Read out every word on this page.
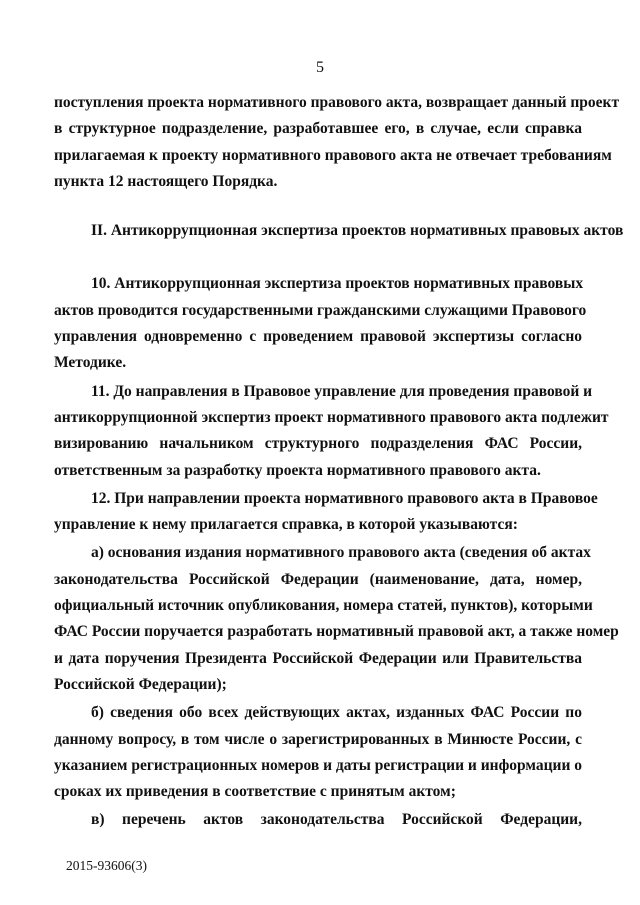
5
поступления проекта нормативного правового акта, возвращает данный проект
в структурное подразделение, разработавшее его, в случае, если справка
прилагаемая к проекту нормативного правового акта не отвечает требованиям
пункта 12 настоящего Порядка.
II. Антикоррупционная экспертиза проектов нормативных правовых актов
10. Антикоррупционная экспертиза проектов нормативных правовых
актов проводится государственными гражданскими служащими Правового
управления одновременно с проведением правовой экспертизы согласно
Методике.
11. До направления в Правовое управление для проведения правовой и
антикоррупционной экспертиз проект нормативного правового акта подлежит
визированию начальником структурного подразделения ФАС России,
ответственным за разработку проекта нормативного правового акта.
12. При направлении проекта нормативного правового акта в Правовое
управление к нему прилагается справка, в которой указываются:
а) основания издания нормативного правового акта (сведения об актах
законодательства Российской Федерации (наименование, дата, номер,
официальный источник опубликования, номера статей, пунктов), которыми
ФАС России поручается разработать нормативный правовой акт, а также номер
и дата поручения Президента Российской Федерации или Правительства
Российской Федерации);
б) сведения обо всех действующих актах, изданных ФАС России по
данному вопросу, в том числе о зарегистрированных в Минюсте России, с
указанием регистрационных номеров и даты регистрации и информации о
сроках их приведения в соответствие с принятым актом;
в) перечень актов законодательства Российской Федерации,
2015-93606(3)
